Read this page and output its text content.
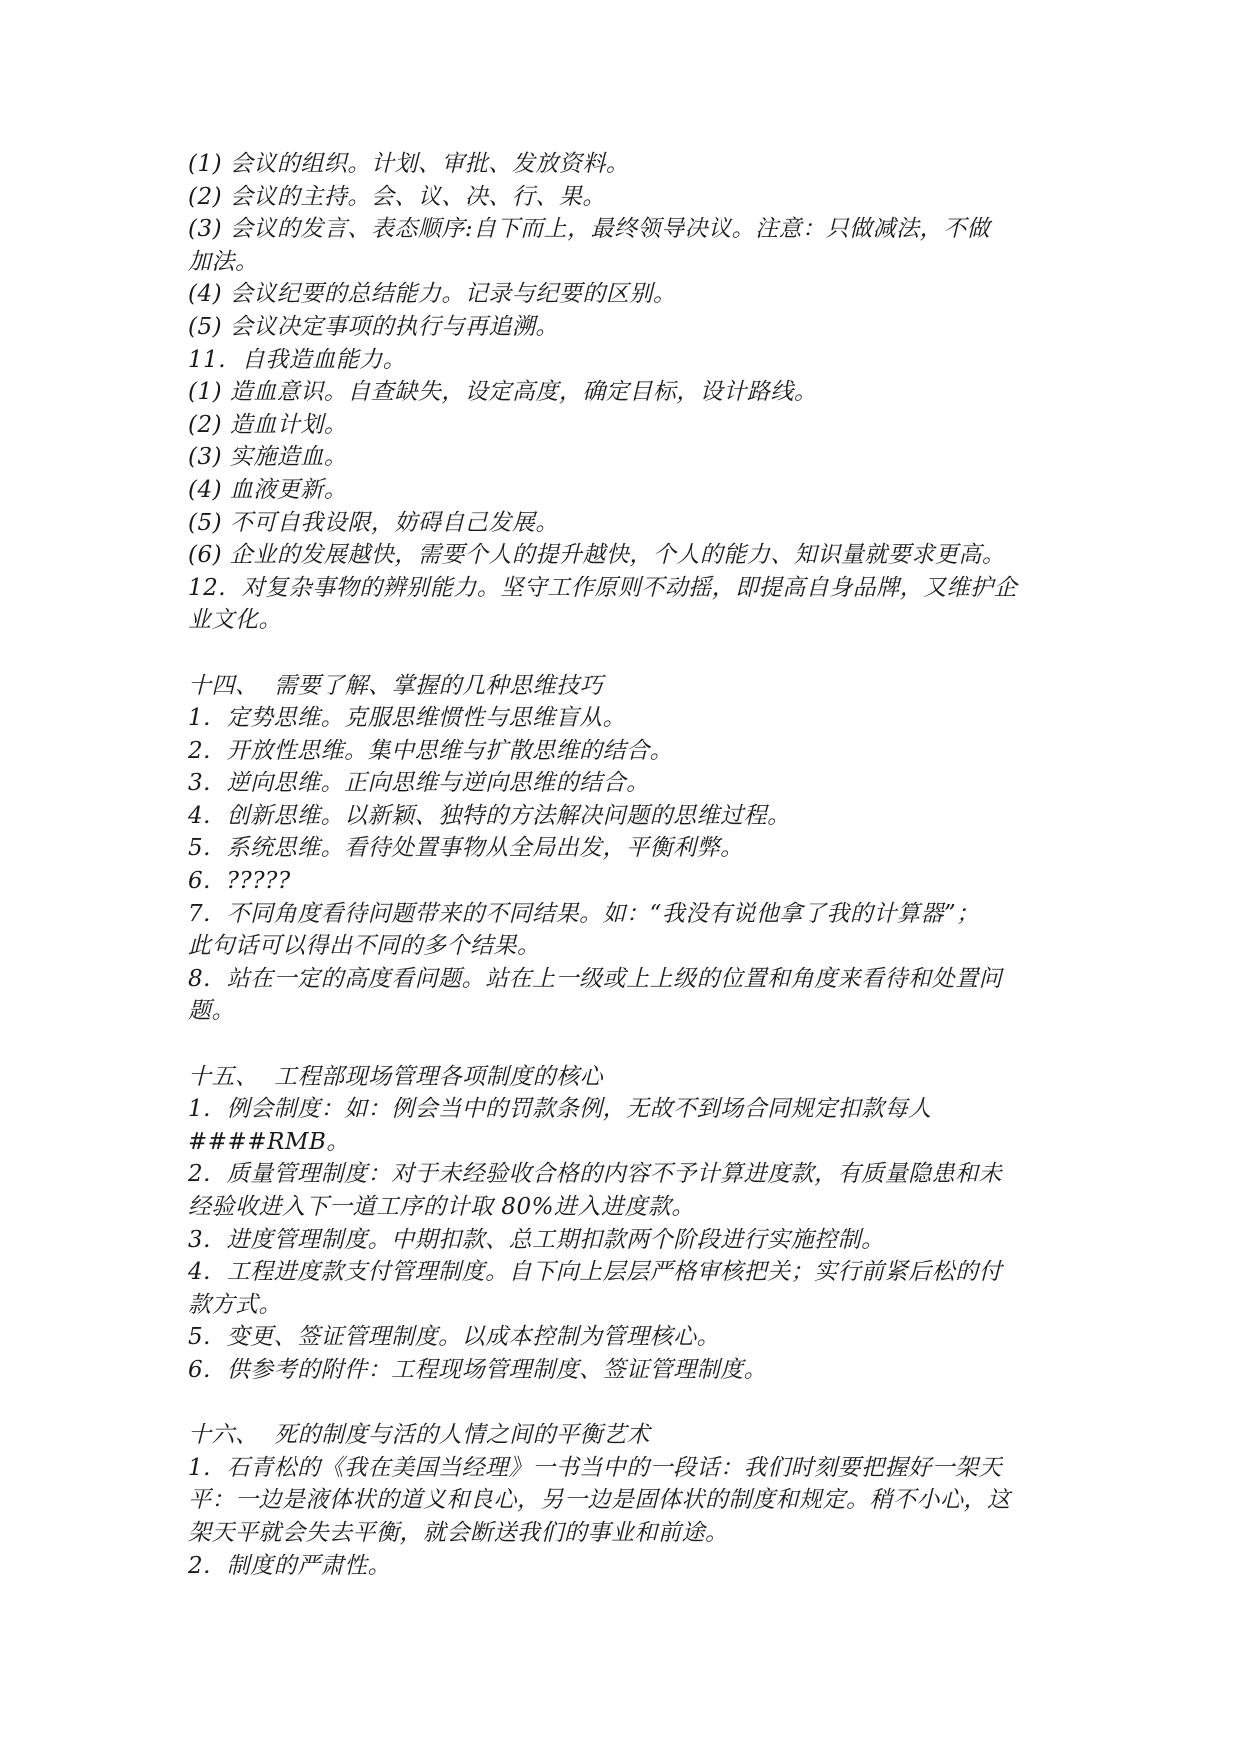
(1) 会议的组织。计划、审批、发放资料。
(2) 会议的主持。会、议、决、行、果。
(3) 会议的发言、表态顺序:自下而上，最终领导决议。注意：只做减法，不做
加法。
(4) 会议纪要的总结能力。记录与纪要的区别。
(5) 会议决定事项的执行与再追溯。
11.  自我造血能力。
(1) 造血意识。自查缺失，设定高度，确定目标，设计路线。
(2) 造血计划。
(3) 实施造血。
(4) 血液更新。
(5) 不可自我设限，妨碍自己发展。
(6) 企业的发展越快，需要个人的提升越快，个人的能力、知识量就要求更高。
12.  对复杂事物的辨别能力。坚守工作原则不动摇，即提高自身品牌，又维护企
业文化。
十四、  需要了解、掌握的几种思维技巧
1.  定势思维。克服思维惯性与思维盲从。
2.  开放性思维。集中思维与扩散思维的结合。
3.  逆向思维。正向思维与逆向思维的结合。
4.  创新思维。以新颖、独特的方法解决问题的思维过程。
5.  系统思维。看待处置事物从全局出发，平衡利弊。
6.  ?????
7.  不同角度看待问题带来的不同结果。如：“我没有说他拿了我的计算器”；
此句话可以得出不同的多个结果。
8.  站在一定的高度看问题。站在上一级或上上级的位置和角度来看待和处置问
题。
十五、  工程部现场管理各项制度的核心
1.  例会制度：如：例会当中的罚款条例，无故不到场合同规定扣款每人
####RMB。
2.  质量管理制度：对于未经验收合格的内容不予计算进度款，有质量隐患和未
经验收进入下一道工序的计取 80%进入进度款。
3.  进度管理制度。中期扣款、总工期扣款两个阶段进行实施控制。
4.  工程进度款支付管理制度。自下向上层层严格审核把关；实行前紧后松的付
款方式。
5.  变更、签证管理制度。以成本控制为管理核心。
6.  供参考的附件：工程现场管理制度、签证管理制度。
十六、  死的制度与活的人情之间的平衡艺术
1.  石青松的《我在美国当经理》一书当中的一段话：我们时刻要把握好一架天
平：一边是液体状的道义和良心，另一边是固体状的制度和规定。稍不小心，这
架天平就会失去平衡，就会断送我们的事业和前途。
2.  制度的严肃性。
